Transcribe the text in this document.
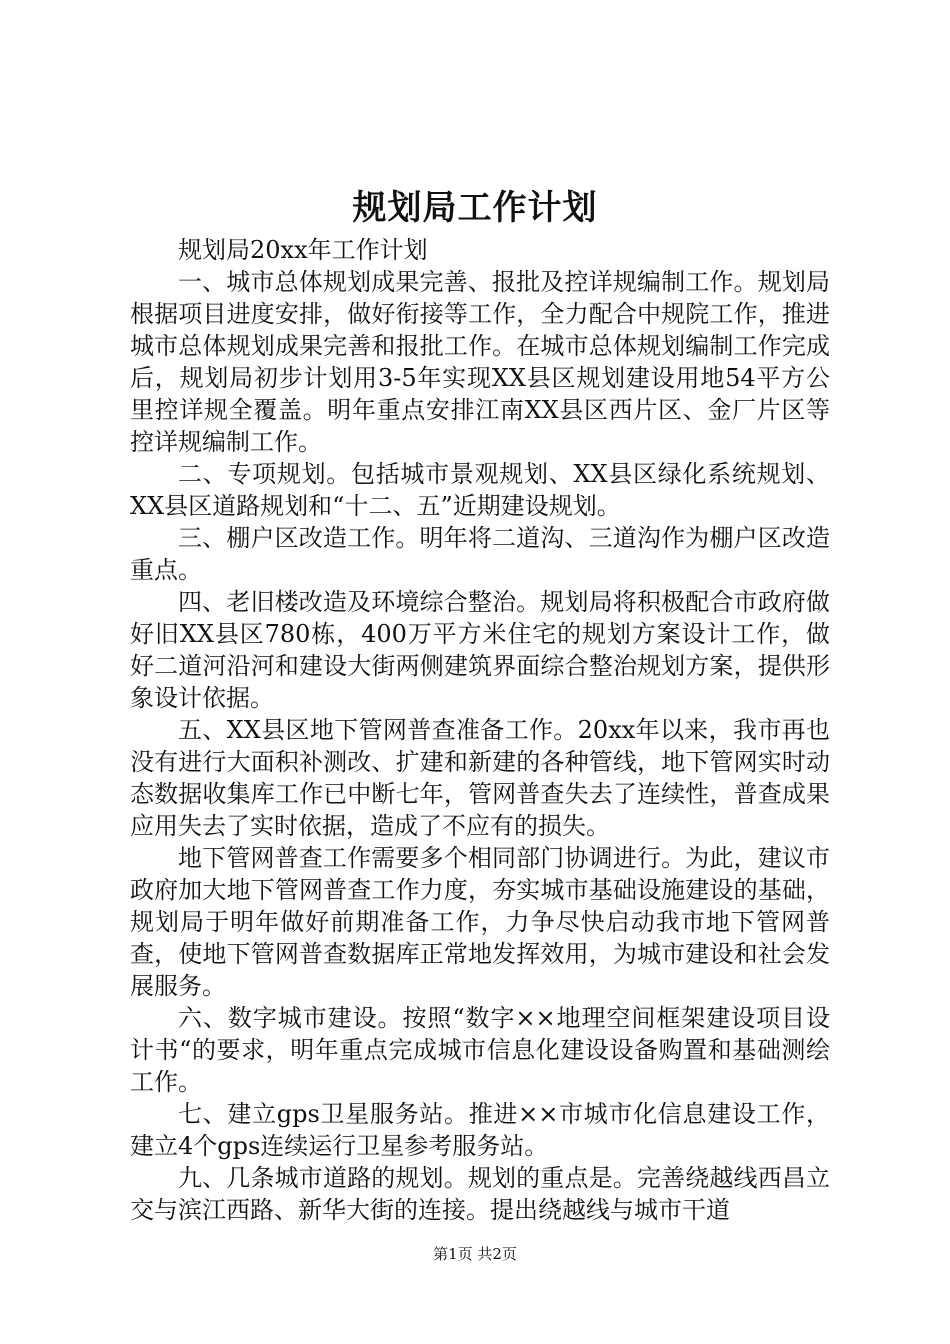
规划局工作计划

规划局20xx年工作计划

一、城市总体规划成果完善、报批及控详规编制工作。规划局根据项目进度安排，做好衔接等工作，全力配合中规院工作，推进城市总体规划成果完善和报批工作。在城市总体规划编制工作完成后，规划局初步计划用3-5年实现XX县区规划建设用地54平方公里控详规全覆盖。明年重点安排江南XX县区西片区、金厂片区等控详规编制工作。

二、专项规划。包括城市景观规划、XX县区绿化系统规划、XX县区道路规划和“十二、五”近期建设规划。

三、棚户区改造工作。明年将二道沟、三道沟作为棚户区改造重点。

四、老旧楼改造及环境综合整治。规划局将积极配合市政府做好旧XX县区780栋，400万平方米住宅的规划方案设计工作，做好二道河沿河和建设大街两侧建筑界面综合整治规划方案，提供形象设计依据。

五、XX县区地下管网普查准备工作。20xx年以来，我市再也没有进行大面积补测改、扩建和新建的各种管线，地下管网实时动态数据收集库工作已中断七年，管网普查失去了连续性，普查成果应用失去了实时依据，造成了不应有的损失。

地下管网普查工作需要多个相同部门协调进行。为此，建议市政府加大地下管网普查工作力度，夯实城市基础设施建设的基础，规划局于明年做好前期准备工作，力争尽快启动我市地下管网普查，使地下管网普查数据库正常地发挥效用，为城市建设和社会发展服务。

六、数字城市建设。按照“数字××地理空间框架建设项目设计书“的要求，明年重点完成城市信息化建设设备购置和基础测绘工作。

七、建立gps卫星服务站。推进××市城市化信息建设工作，建立4个gps连续运行卫星参考服务站。

九、几条城市道路的规划。规划的重点是。完善绕越线西昌立交与滨江西路、新华大街的连接。提出绕越线与城市干道

第1页 共2页
